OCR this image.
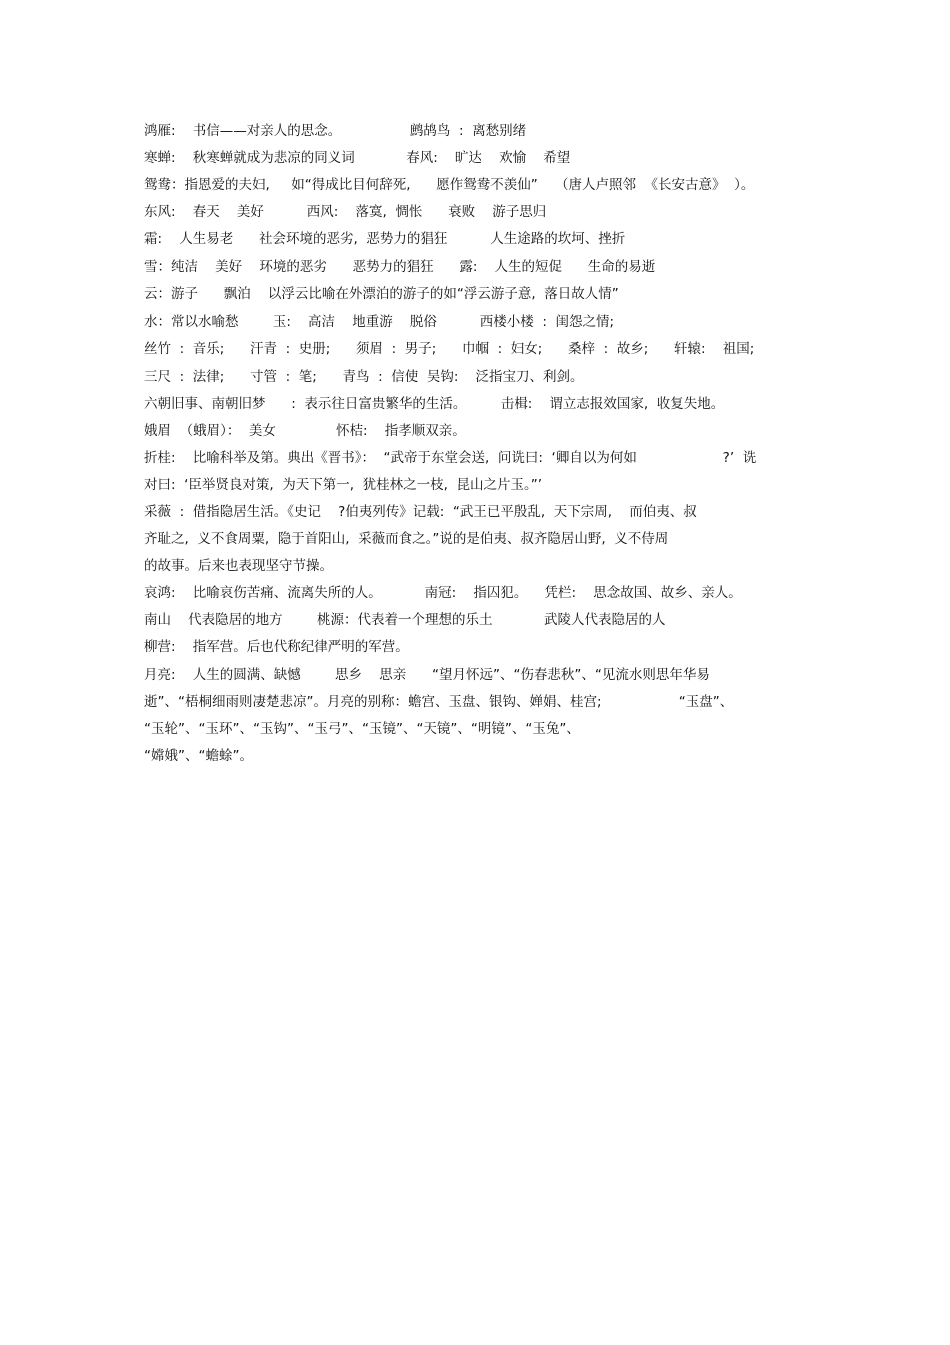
鸿雁:    书信——对亲人的思念。                鹧鸪鸟  :  离愁别绪
寒蝉:    秋寒蝉就成为悲凉的同义词            春风:    旷达    欢愉    希望
鸳鸯：指恩爱的夫妇,     如“得成比目何辞死,      愿作鸳鸯不羡仙”    （唐人卢照邻  《长安古意》  ）。
东风:    春天    美好          西风:    落寞,  惆怅      衰败    游子思归
霜:    人生易老      社会环境的恶劣,  恶势力的猖狂          人生途路的坎坷、挫折
雪：纯洁    美好    环境的恶劣      恶势力的猖狂      露:    人生的短促      生命的易逝
云：游子      飘泊    以浮云比喻在外漂泊的游子的如“浮云游子意,  落日故人情”
水：常以水喻愁        玉:    高洁    地重游    脱俗          西楼小楼  :  闺怨之情;
丝竹  :  音乐;      汗青  :  史册;      须眉  :  男子;      巾帼  :  妇女;      桑梓  :  故乡;      轩辕:    祖国;
三尺  :  法律;      寸管  :  笔;      青鸟  :  信使  吴钩:    泛指宝刀、利剑。
六朝旧事、南朝旧梦      :  表示往日富贵繁华的生活。        击楫:    谓立志报效国家,  收复失地。
娥眉  （蛾眉）：  美女              怀桔:    指孝顺双亲。
折桂:    比喻科举及第。典出《晋书》：  “武帝于东堂会送,  问诜曰:  ‘卿自以为何如                    ?’  诜
对曰:  ‘臣举贤良对策,  为天下第一,  犹桂林之一枝,  昆山之片玉。”’
采薇  :  借指隐居生活。《史记    ?伯夷列传》记载:  “武王已平殷乱,  天下宗周,    而伯夷、叔
齐耻之,  义不食周粟,  隐于首阳山,  采薇而食之。”说的是伯夷、叔齐隐居山野,  义不侍周
的故事。后来也表现坚守节操。
哀鸿:    比喻哀伤苦痛、流离失所的人。          南冠:    指囚犯。    凭栏:    思念故国、故乡、亲人。
南山    代表隐居的地方        桃源：代表着一个理想的乐土            武陵人代表隐居的人
柳营:    指军营。后也代称纪律严明的军营。
月亮:    人生的圆满、缺憾        思乡    思亲      “望月怀远”、“伤春悲秋”、“见流水则思年华易
逝”、“梧桐细雨则凄楚悲凉”。月亮的别称：蟾宫、玉盘、银钩、婵娟、桂宫;                  “玉盘”、
“玉轮”、“玉环”、“玉钩”、“玉弓”、“玉镜”、“天镜”、“明镜”、“玉兔”、
“嫦娥”、“蟾蜍”。
